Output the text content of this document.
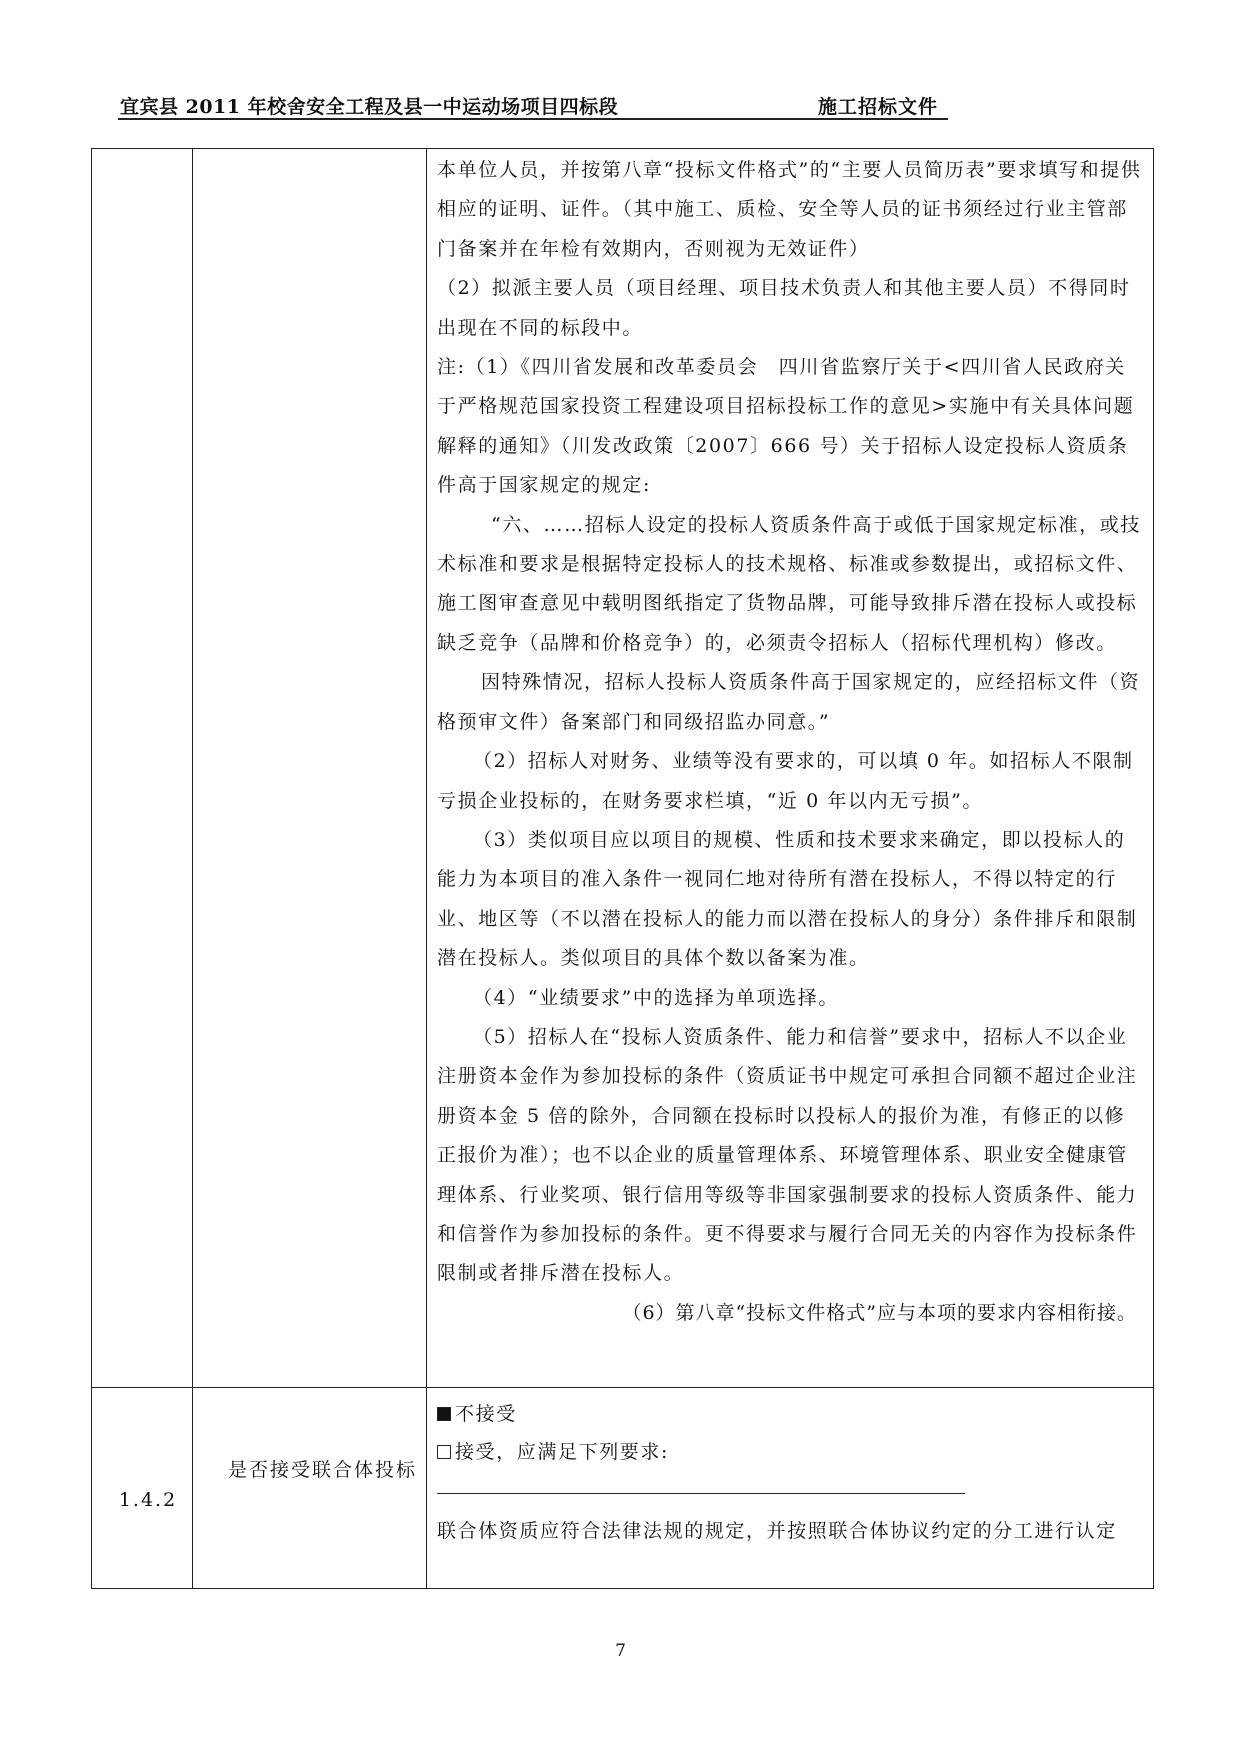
宜宾县 2011 年校舍安全工程及县一中运动场项目四标段	施工招标文件

本单位人员，并按第八章“投标文件格式”的“主要人员简历表”要求填写和提供相应的证明、证件。（其中施工、质检、安全等人员的证书须经过行业主管部门备案并在年检有效期内，否则视为无效证件）

（2）拟派主要人员（项目经理、项目技术负责人和其他主要人员）不得同时出现在不同的标段中。

注:（1）《四川省发展和改革委员会　四川省监察厅关于<四川省人民政府关于严格规范国家投资工程建设项目招标投标工作的意见>实施中有关具体问题解释的通知》（川发改政策〔2007〕666 号）关于招标人设定投标人资质条件高于国家规定的规定:

“六、……招标人设定的投标人资质条件高于或低于国家规定标准，或技术标准和要求是根据特定投标人的技术规格、标准或参数提出，或招标文件、施工图审查意见中载明图纸指定了货物品牌，可能导致排斥潜在投标人或投标缺乏竞争（品牌和价格竞争）的，必须责令招标人（招标代理机构）修改。

因特殊情况，招标人投标人资质条件高于国家规定的，应经招标文件（资格预审文件）备案部门和同级招监办同意。”

（2）招标人对财务、业绩等没有要求的，可以填 0 年。如招标人不限制亏损企业投标的，在财务要求栏填，“近 0 年以内无亏损”。

（3）类似项目应以项目的规模、性质和技术要求来确定，即以投标人的能力为本项目的准入条件一视同仁地对待所有潜在投标人，不得以特定的行业、地区等（不以潜在投标人的能力而以潜在投标人的身分）条件排斥和限制潜在投标人。类似项目的具体个数以备案为准。

（4）“业绩要求”中的选择为单项选择。

（5）招标人在“投标人资质条件、能力和信誉”要求中，招标人不以企业注册资本金作为参加投标的条件（资质证书中规定可承担合同额不超过企业注册资本金 5 倍的除外，合同额在投标时以投标人的报价为准，有修正的以修正报价为准）；也不以企业的质量管理体系、环境管理体系、职业安全健康管理体系、行业奖项、银行信用等级等非国家强制要求的投标人资质条件、能力和信誉作为参加投标的条件。更不得要求与履行合同无关的内容作为投标条件限制或者排斥潜在投标人。

（6）第八章“投标文件格式”应与本项的要求内容相衔接。

1.4.2
是否接受联合体投标
不接受
接受，应满足下列要求:
联合体资质应符合法律法规的规定，并按照联合体协议约定的分工进行认定
7
